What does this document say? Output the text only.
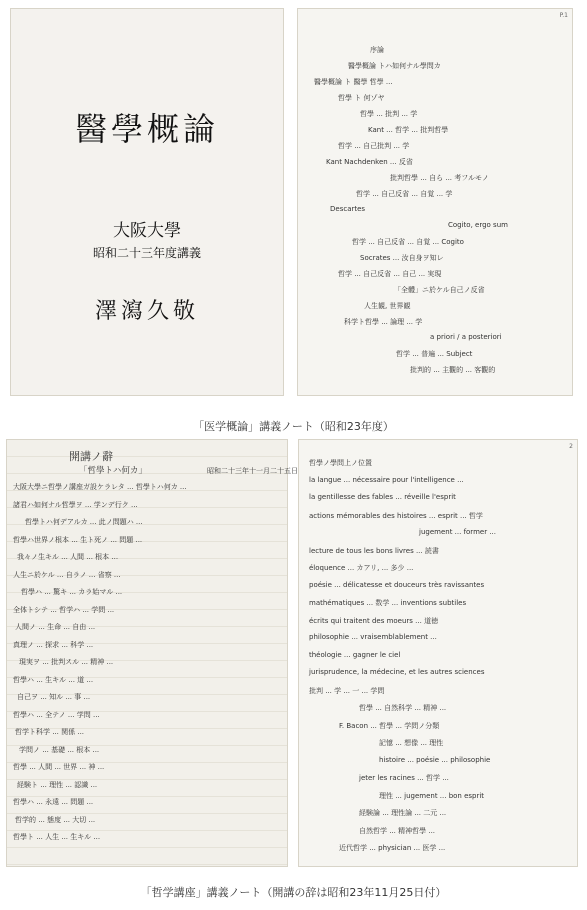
醫學概論
大阪大學
昭和二十三年度講義
澤瀉久敬
P.1
序論
醫學概論 トハ如何ナル學問カ
醫學概論 ト 醫學 哲學 ...
哲學 ト 何ゾヤ
哲學 ... 批判 ... 学
Kant ... 哲学 ... 批判哲學
哲学 ... 自己批判 ... 学
Kant Nachdenken ... 反省
批判哲學 ... 自ら ... 考フルモノ
哲学 ... 自己反省 ... 自覚 ... 学
Descartes
Cogito, ergo sum
哲学 ... 自己反省 ... 自覚 ... Cogito
Socrates ... 汝自身ヲ知レ
哲学 ... 自己反省 ... 自己 ... 実現
「全體」ニ於ケル自己ノ反省
人生観, 世界観
科学ト哲學 ... 論理 ... 学
a priori / a posteriori
哲学 ... 普遍 ... Subject
批判的 ... 主觀的 ... 客觀的
「医学概論」講義ノート（昭和23年度）
開講ノ辭
「哲學トハ何カ」	昭和二十三年十一月二十五日
大阪大學ニ哲學ノ講座ガ設ケラレタ ... 哲學トハ何カ ...
諸君ハ如何ナル哲學ヲ ... 学ンデ行ク ...
哲學トハ何デアルカ ... 此ノ問題ハ ...
哲學ハ世界ノ根本 ... 生ト死ノ ... 問題 ...
我々ノ生キル ... 人間 ... 根本 ...
人生ニ於ケル ... 自ラノ ... 省察 ...
哲學ハ ... 驚キ ... カラ始マル ...
全体トシテ ... 哲学ハ ... 学問 ...
人間ノ ... 生命 ... 自由 ...
真理ノ ... 探求 ... 科学 ...
現実ヲ ... 批判スル ... 精神 ...
哲學ハ ... 生キル ... 道 ...
自己ヲ ... 知ル ... 事 ...
哲學ハ ... 全テノ ... 学問 ...
哲学ト科学 ... 関係 ...
学問ノ ... 基礎 ... 根本 ...
哲學 ... 人間 ... 世界 ... 神 ...
経験ト ... 理性 ... 認識 ...
哲學ハ ... 永遠 ... 問題 ...
哲学的 ... 態度 ... 大切 ...
哲學ト ... 人生 ... 生キル ...
2
哲學ノ學問上ノ位置
la langue ... nécessaire pour l'intelligence ...
la gentillesse des fables ... réveille l'esprit
actions mémorables des histoires ... esprit ... 哲学
jugement ... former ...
lecture de tous les bons livres ... 読書
éloquence ... カアリ, ... 多少 ...
poésie ... délicatesse et douceurs très ravissantes
mathématiques ... 数学 ... inventions subtiles
écrits qui traitent des moeurs ... 道徳
philosophie ... vraisemblablement ...
théologie ... gagner le ciel
jurisprudence, la médecine, et les autres sciences
批判 ... 学 ... 一 ... 学問
哲學 ... 自然科学 ... 精神 ...
F. Bacon ... 哲學 ... 学問ノ分類
記憶 ... 想像 ... 理性
histoire ... poésie ... philosophie
jeter les racines ... 哲学 ...
理性 ... jugement ... bon esprit
経験論 ... 理性論 ... 二元 ...
自然哲学 ... 精神哲學 ...
近代哲学 ... physician ... 医学 ...
「哲学講座」講義ノート（開講の辞は昭和23年11月25日付）
